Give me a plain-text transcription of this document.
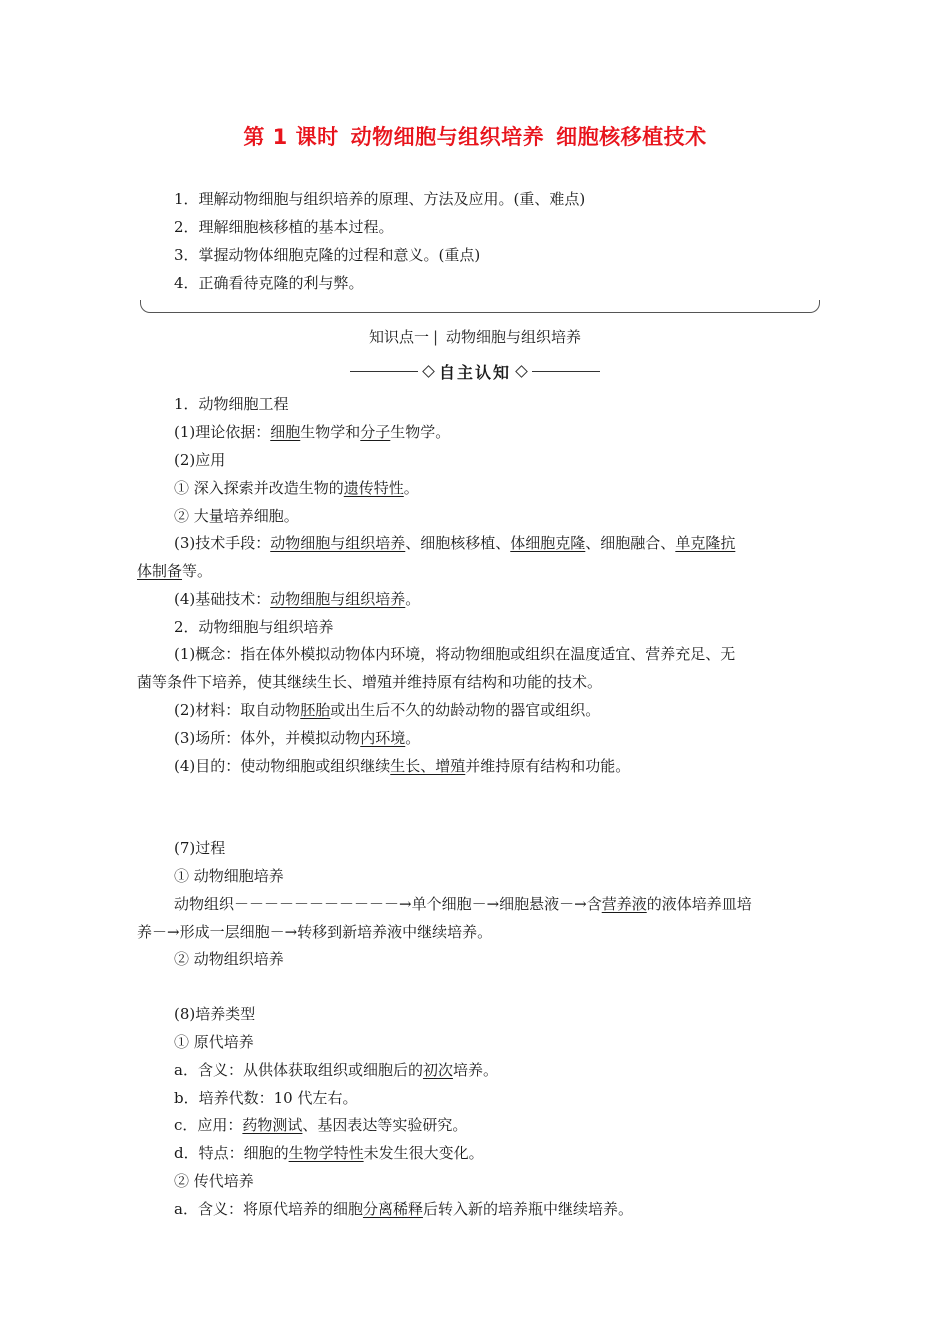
第 1 课时 动物细胞与组织培养 细胞核移植技术
1．理解动物细胞与组织培养的原理、方法及应用。(重、难点)
2．理解细胞核移植的基本过程。
3．掌握动物体细胞克隆的过程和意义。(重点)
4．正确看待克隆的利与弊。
知识点一 | 动物细胞与组织培养
自主认知
1．动物细胞工程
(1)理论依据：细胞生物学和分子生物学。
(2)应用
① 深入探索并改造生物的遗传特性。
② 大量培养细胞。
(3)技术手段：动物细胞与组织培养、细胞核移植、体细胞克隆、细胞融合、单克隆抗
体制备等。
(4)基础技术：动物细胞与组织培养。
2．动物细胞与组织培养
(1)概念：指在体外模拟动物体内环境，将动物细胞或组织在温度适宜、营养充足、无
菌等条件下培养，使其继续生长、增殖并维持原有结构和功能的技术。
(2)材料：取自动物胚胎或出生后不久的幼龄动物的器官或组织。
(3)场所：体外，并模拟动物内环境。
(4)目的：使动物细胞或组织继续生长、增殖并维持原有结构和功能。
(7)过程
① 动物细胞培养
动物组织－－－－－－－－－－－→单个细胞－→细胞悬液－→含营养液的液体培养皿培
养－→形成一层细胞－→转移到新培养液中继续培养。
② 动物组织培养
(8)培养类型
① 原代培养
a．含义：从供体获取组织或细胞后的初次培养。
b．培养代数：10 代左右。
c．应用：药物测试、基因表达等实验研究。
d．特点：细胞的生物学特性未发生很大变化。
② 传代培养
a．含义：将原代培养的细胞分离稀释后转入新的培养瓶中继续培养。
